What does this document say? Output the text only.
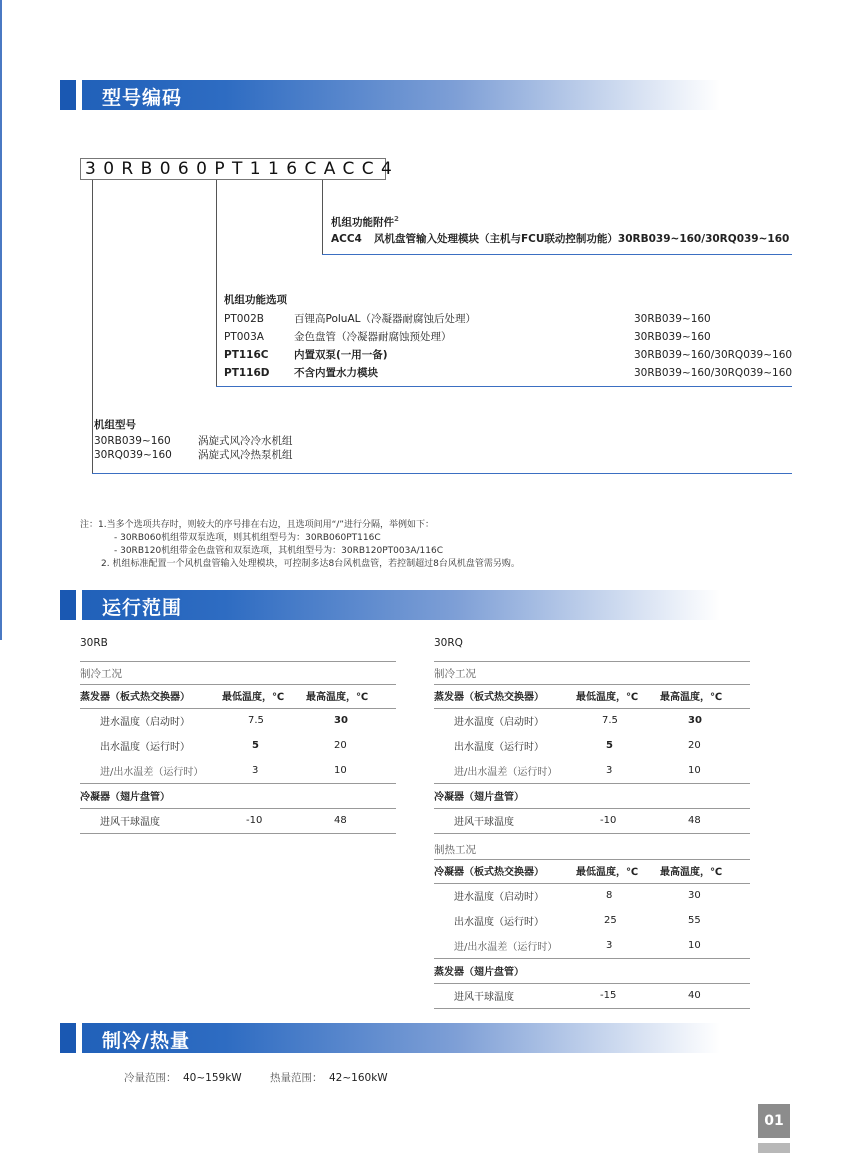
型号编码
30RB060PT116CACC4
机组功能附件$^2$
ACC4 风机盘管输入处理模块（主机与FCU联动控制功能）30RB039~160/30RQ039~160
机组功能选项
PT002B	百锂高PoluAL（冷凝器耐腐蚀后处理）	30RB039~160
PT003A	金色盘管（冷凝器耐腐蚀预处理）	30RB039~160
PT116C 内置双泵(一用一备)	30RB039~160/30RQ039~160
PT116D 不含内置水力模块	30RB039~160/30RQ039~160
机组型号
30RB039~160	涡旋式风冷冷水机组
30RQ039~160 涡旋式风冷热泵机组
注：1.当多个选项共存时，则较大的序号排在右边，且选项间用“/”进行分隔，举例如下：
- 30RB060机组带双泵选项，则其机组型号为：30RB060PT116C
- 30RB120机组带金色盘管和双泵选项，其机组型号为：30RB120PT003A/116C
2. 机组标准配置一个风机盘管输入处理模块，可控制多达8台风机盘管，若控制超过8台风机盘管需另购。
运行范围
30RB
制冷工况
蒸发器（板式热交换器）	最低温度，℃	最高温度，℃
进水温度（启动时）	7.5	30
出水温度（运行时）	5	20
进/出水温差（运行时）	3	10
冷凝器（翅片盘管）		
进风干球温度	-10	48
30RQ
制冷工况
蒸发器（板式热交换器）	最低温度，℃	最高温度，℃
进水温度（启动时）	7.5	30
出水温度（运行时）	5	20
进/出水温差（运行时）	3	10
冷凝器（翅片盘管）		
进风干球温度	-10	48
制热工况
冷凝器（板式热交换器）	最低温度，℃	最高温度，℃
进水温度（启动时）	8	30
出水温度（运行时）	25	55
进/出水温差（运行时）	3	10
蒸发器（翅片盘管）		
进风干球温度	-15	40
制冷/热量
冷量范围： 40~159kW	热量范围： 42~160kW
01
